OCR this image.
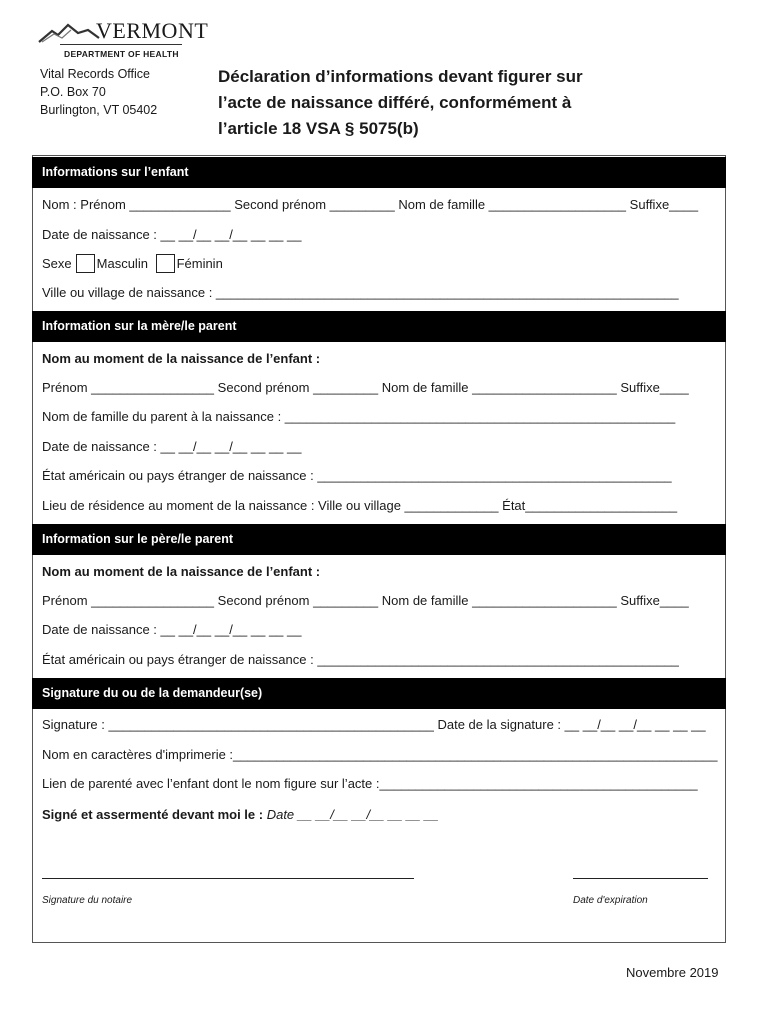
VERMONT
DEPARTMENT OF HEALTH
Vital Records Office
P.O. Box 70
Burlington, VT 05402
Déclaration d’informations devant figurer sur
l’acte de naissance différé, conformément à
l’article 18 VSA § 5075(b)
Informations sur l’enfant
Nom : Prénom ______________ Second prénom _________ Nom de famille ___________________ Suffixe____
Date de naissance : __ __/__ __/__ __ __ __
Sexe Masculin Féminin
Ville ou village de naissance : ________________________________________________________________
Information sur la mère/le parent
Nom au moment de la naissance de l’enfant :
Prénom _________________ Second prénom _________ Nom de famille ____________________ Suffixe____
Nom de famille du parent à la naissance : ______________________________________________________
Date de naissance : __ __/__ __/__ __ __ __
État américain ou pays étranger de naissance : _________________________________________________
Lieu de résidence au moment de la naissance : Ville ou village _____________ État_____________________
Information sur le père/le parent
Nom au moment de la naissance de l’enfant :
Prénom _________________ Second prénom _________ Nom de famille ____________________ Suffixe____
Date de naissance : __ __/__ __/__ __ __ __
État américain ou pays étranger de naissance : __________________________________________________
Signature du ou de la demandeur(se)
Signature : _____________________________________________ Date de la signature : __ __/__ __/__ __ __ __
Nom en caractères d'imprimerie :___________________________________________________________________
Lien de parenté avec l’enfant dont le nom figure sur l’acte :____________________________________________
Signé et assermenté devant moi le : Date __ __/__ __/__ __ __ __
Signature du notaire	Date d'expiration
Novembre 2019
